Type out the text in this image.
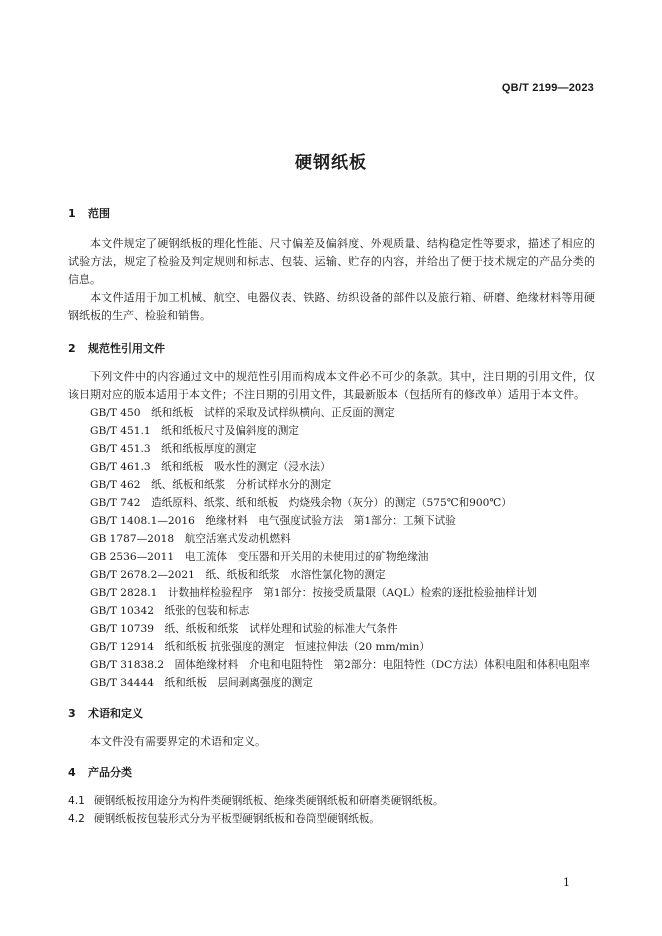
QB/T 2199—2023
硬钢纸板
1 范围

本文件规定了硬钢纸板的理化性能、尺寸偏差及偏斜度、外观质量、结构稳定性等要求，描述了相应的试验方法，规定了检验及判定规则和标志、包装、运输、贮存的内容，并给出了便于技术规定的产品分类的信息。

本文件适用于加工机械、航空、电器仪表、铁路、纺织设备的部件以及旅行箱、研磨、绝缘材料等用硬钢纸板的生产、检验和销售。

2 规范性引用文件

下列文件中的内容通过文中的规范性引用而构成本文件必不可少的条款。其中，注日期的引用文件，仅该日期对应的版本适用于本文件；不注日期的引用文件，其最新版本（包括所有的修改单）适用于本文件。

GB/T 450　纸和纸板　试样的采取及试样纵横向、正反面的测定
GB/T 451.1　纸和纸板尺寸及偏斜度的测定
GB/T 451.3　纸和纸板厚度的测定
GB/T 461.3　纸和纸板　吸水性的测定（浸水法）
GB/T 462　纸、纸板和纸浆　分析试样水分的测定
GB/T 742　造纸原料、纸浆、纸和纸板　灼烧残余物（灰分）的测定（575℃和900℃）
GB/T 1408.1—2016　绝缘材料　电气强度试验方法　第1部分：工频下试验
GB 1787—2018　航空活塞式发动机燃料
GB 2536—2011　电工流体　变压器和开关用的未使用过的矿物绝缘油
GB/T 2678.2—2021　纸、纸板和纸浆　水溶性氯化物的测定
GB/T 2828.1　计数抽样检验程序　第1部分：按接受质量限（AQL）检索的逐批检验抽样计划
GB/T 10342　纸张的包装和标志
GB/T 10739　纸、纸板和纸浆　试样处理和试验的标准大气条件
GB/T 12914　纸和纸板 抗张强度的测定　恒速拉伸法（20 mm/min）
GB/T 31838.2　固体绝缘材料　介电和电阻特性　第2部分：电阻特性（DC方法）体积电阻和体积电阻率
GB/T 34444　纸和纸板　层间剥离强度的测定
3 术语和定义

本文件没有需要界定的术语和定义。

4 产品分类
4.1 硬钢纸板按用途分为构件类硬钢纸板、绝缘类硬钢纸板和研磨类硬钢纸板。
4.2 硬钢纸板按包装形式分为平板型硬钢纸板和卷筒型硬钢纸板。
1
